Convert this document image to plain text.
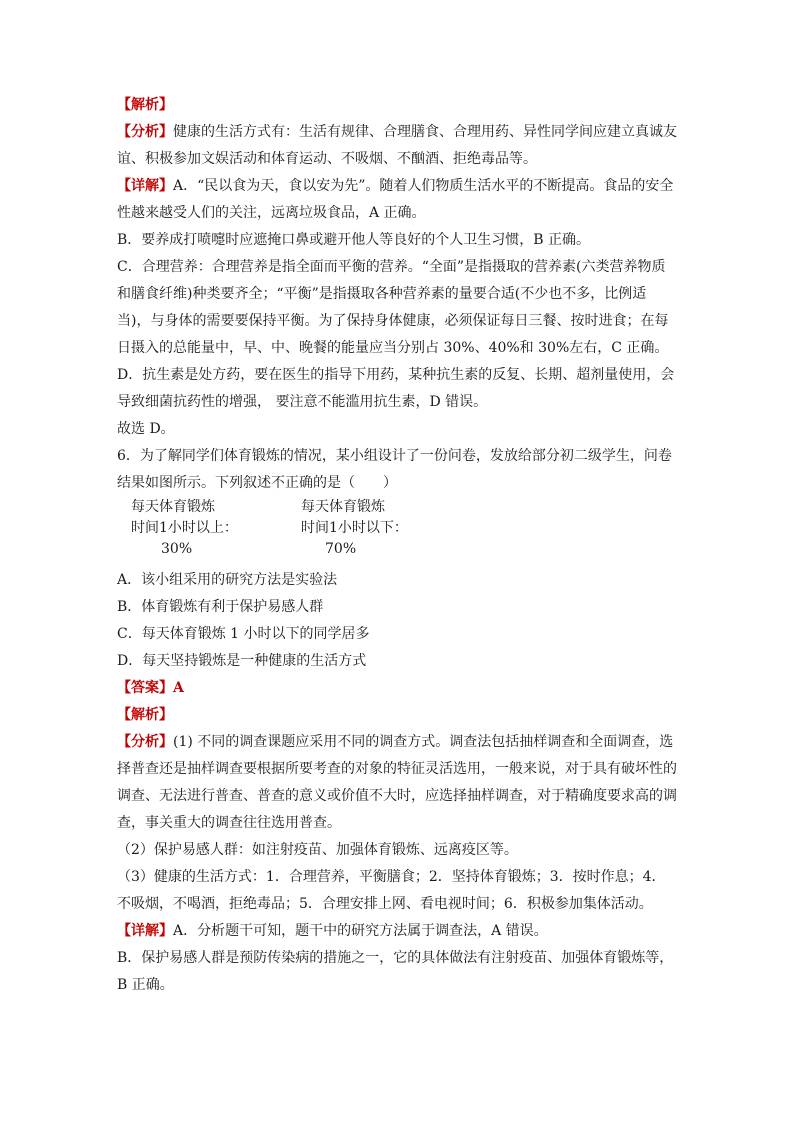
【解析】

【分析】健康的生活方式有：生活有规律、合理膳食、合理用药、异性同学间应建立真诚友谊、积极参加文娱活动和体育运动、不吸烟、不酗酒、拒绝毒品等。

【详解】A．“民以食为天，食以安为先”。随着人们物质生活水平的不断提高。食品的安全性越来越受人们的关注，远离垃圾食品，A 正确。

B．要养成打喷嚏时应遮掩口鼻或避开他人等良好的个人卫生习惯，B 正确。

C．合理营养：合理营养是指全面而平衡的营养。“全面”是指摄取的营养素(六类营养物质和膳食纤维)种类要齐全；“平衡”是指摄取各种营养素的量要合适(不少也不多，比例适当)，与身体的需要要保持平衡。为了保持身体健康，必须保证每日三餐、按时进食；在每日摄入的总能量中，早、中、晚餐的能量应当分别占 30%、40%和 30%左右，C 正确。

D．抗生素是处方药，要在医生的指导下用药，某种抗生素的反复、长期、超剂量使用，会导致细菌抗药性的增强， 要注意不能滥用抗生素，D 错误。

故选 D。

6．为了解同学们体育锻炼的情况，某小组设计了一份问卷，发放给部分初二级学生，问卷结果如图所示。下列叙述不正确的是（　　）

每天体育锻炼
时间1小时以上：
30%
每天体育锻炼
时间1小时以下：
70%

A．该小组采用的研究方法是实验法

B．体育锻炼有利于保护易感人群

C．每天体育锻炼 1 小时以下的同学居多

D．每天坚持锻炼是一种健康的生活方式

【答案】A

【解析】

【分析】(1) 不同的调查课题应采用不同的调查方式。调查法包括抽样调查和全面调查，选择普查还是抽样调查要根据所要考查的对象的特征灵活选用，一般来说，对于具有破坏性的调查、无法进行普查、普查的意义或价值不大时，应选择抽样调查，对于精确度要求高的调查，事关重大的调查往往选用普查。

（2）保护易感人群：如注射疫苗、加强体育锻炼、远离疫区等。

（3）健康的生活方式：1．合理营养，平衡膳食；2．坚持体育锻炼；3．按时作息；4．不吸烟，不喝酒，拒绝毒品；5．合理安排上网、看电视时间；6．积极参加集体活动。

【详解】A．分析题干可知，题干中的研究方法属于调查法，A 错误。

B．保护易感人群是预防传染病的措施之一，它的具体做法有注射疫苗、加强体育锻炼等，B 正确。
